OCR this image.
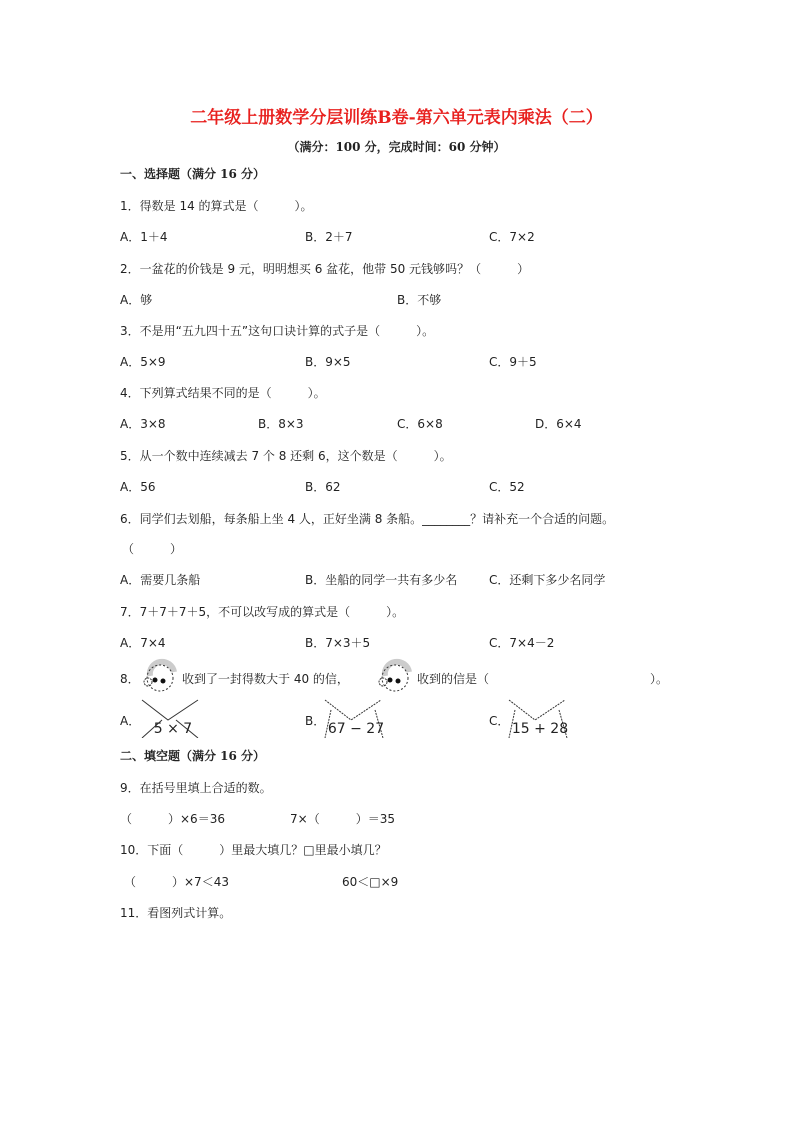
二年级上册数学分层训练B卷-第六单元表内乘法（二）
（满分：100 分，完成时间：60 分钟）
一、选择题（满分 16 分）
1．得数是 14 的算式是（　　　）。
A．1＋4	B．2＋7	C．7×2
2．一盆花的价钱是 9 元，明明想买 6 盆花，他带 50 元钱够吗？（　　　）
A．够	B．不够
3．不是用“五九四十五”这句口诀计算的式子是（　　　）。
A．5×9	B．9×5	C．9＋5
4．下列算式结果不同的是（　　　）。
A．3×8	B．8×3	C．6×8	D．6×4
5．从一个数中连续减去 7 个 8 还剩 6，这个数是（　　　）。
A．56	B．62	C．52
6．同学们去划船，每条船上坐 4 人，正好坐满 8 条船。________？请补充一个合适的问题。
（　　　）
A．需要几条船	B．坐船的同学一共有多少名	C．还剩下多少名同学
7．7＋7＋7＋5，不可以改写成的算式是（　　　）。
A．7×4	B．7×3＋5	C．7×4－2
8．	收到了一封得数大于 40 的信，	收到的信是（	）。
A． 5 × 7	B． 67 − 27	C． 15 + 28
二、填空题（满分 16 分）
9．在括号里填上合适的数。
（　　　）×6＝36	7×（　　　）＝35
10．下面（　　　）里最大填几？□里最小填几？
（　　　）×7＜43	60＜□×9
11．看图列式计算。
